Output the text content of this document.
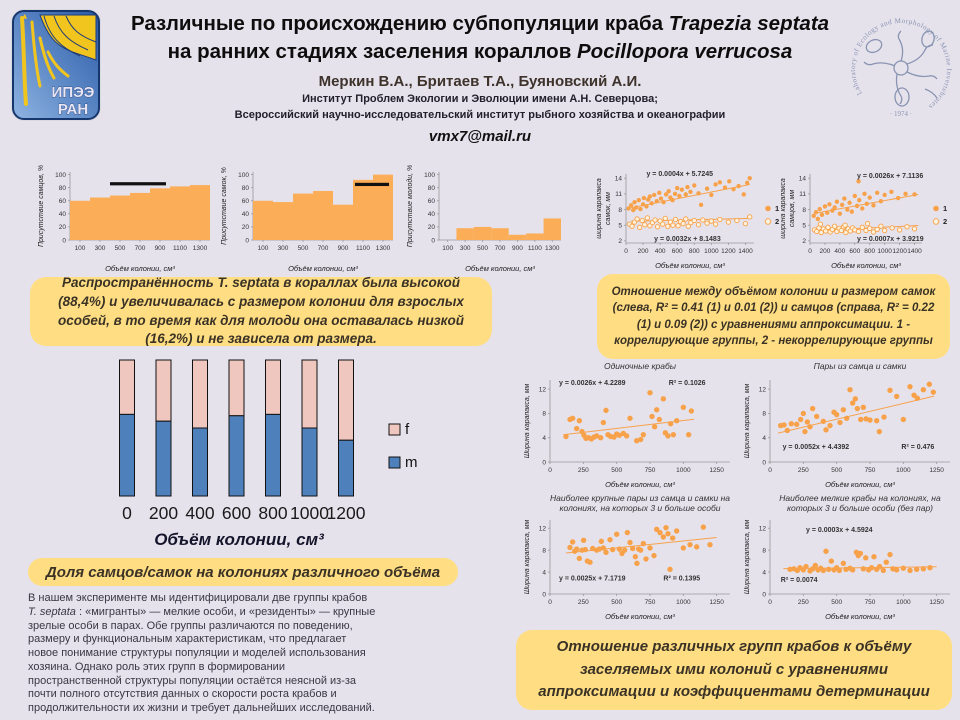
ИПЭЭ
РАН
Laboratory of Ecology and Morphology of Marine Invertebrates
· 1974 ·
Различные по происхождению субпопуляции краба Trapezia septata
на ранних стадиях заселения кораллов Pocillopora verrucosa
Меркин В.А., Бритаев Т.А., Буяновский А.И.
Институт Проблем Экологии и Эволюции имени А.Н. Северцова;
Всероссийский научно-исследовательский институт рыбного хозяйства и океанографии
vmx7@mail.ru
0
20
40
60
80
100
100 300 500 700 900 1100 1300
Присутствие самцов, %
Объём колонии, см³
0
20
40
60
80
100
100 300 500 700 900 1100 1300
Присутствие самок, %
Объём колонии, см³
0
20
40
60
80
100
100 300 500 700 900 1100 1300
Присутствие молоди, %
Объём колонии, см³
2
5
8
11
14
0 200 400 600 800 1000 1200 1400
ширина карапакса самок, мм
Объём колонии, см³
y = 0.0004x + 5.7245
y = 0.0032x + 8.1483
1
2
2
5
8
11
14
0 200 400 600 800 1000 1200 1400
ширина карапакса самцов, мм
Объём колонии, см³
y = 0.0026x + 7.1136
y = 0.0007x + 3.9219
1
2
Распространённость T. septata в кораллах была высокой (88,4%) и увеличивалась с размером колонии для взрослых особей, в то время как для молоди она оставалась низкой (16,2%) и не зависела от размера.
Отношение между объёмом колонии и размером самок (слева, R² = 0.41 (1) и 0.01 (2)) и самцов (справа, R² = 0.22 (1) и 0.09 (2)) с уравнениями аппроксимации. 1 - коррелирующие группы, 2 - некоррелирующие группы
0 200 400 600 800 1000
1200
Объём колонии, см³
f
m
Доля самцов/самок на колониях различного объёма
0
4
8
12
0	250	500	750	1000	1250
Ширина карапакса, мм
Объём колонии, см³
Одиночные крабы
y = 0.0026x + 4.2289	R² = 0.1026
0
4
8
12
0	250	500	750	1000	1250
Ширина карапакса, мм
Объём колонии, см³
Пары из самца и самки
y = 0.0052x + 4.4392	R² = 0.476
0
4
8
12
0	250	500	750	1000	1250
Ширина карапакса, мм
Объём колонии, см³
Наиболее крупные пары из самца и самки на
колониях, на которых 3 и больше особи
y = 0.0025x + 7.1719	R² = 0.1395
0
4
8
12
0	250	500	750	1000	1250
Ширина карапакса, мм
Объём колонии, см³
Наиболее мелкие крабы на колониях, на
которых 3 и больше особи (без пар)
y = 0.0003x + 4.5924
R² = 0.0074
Отношение различных групп крабов к объёму заселяемых ими колоний с уравнениями аппроксимации и коэффициентами детерминации
В нашем эксперименте мы идентифицировали две группы крабов T. septata : «мигранты» — мелкие особи, и «резиденты» — крупные зрелые особи в парах. Обе группы различаются по поведению, размеру и функциональным характеристикам, что предлагает новое понимание структуры популяции и моделей использования хозяина. Однако роль этих групп в формировании пространственной структуры популяции остаётся неясной из-за почти полного отсутствия данных о скорости роста крабов и продолжительности их жизни и требует дальнейших исследований.
